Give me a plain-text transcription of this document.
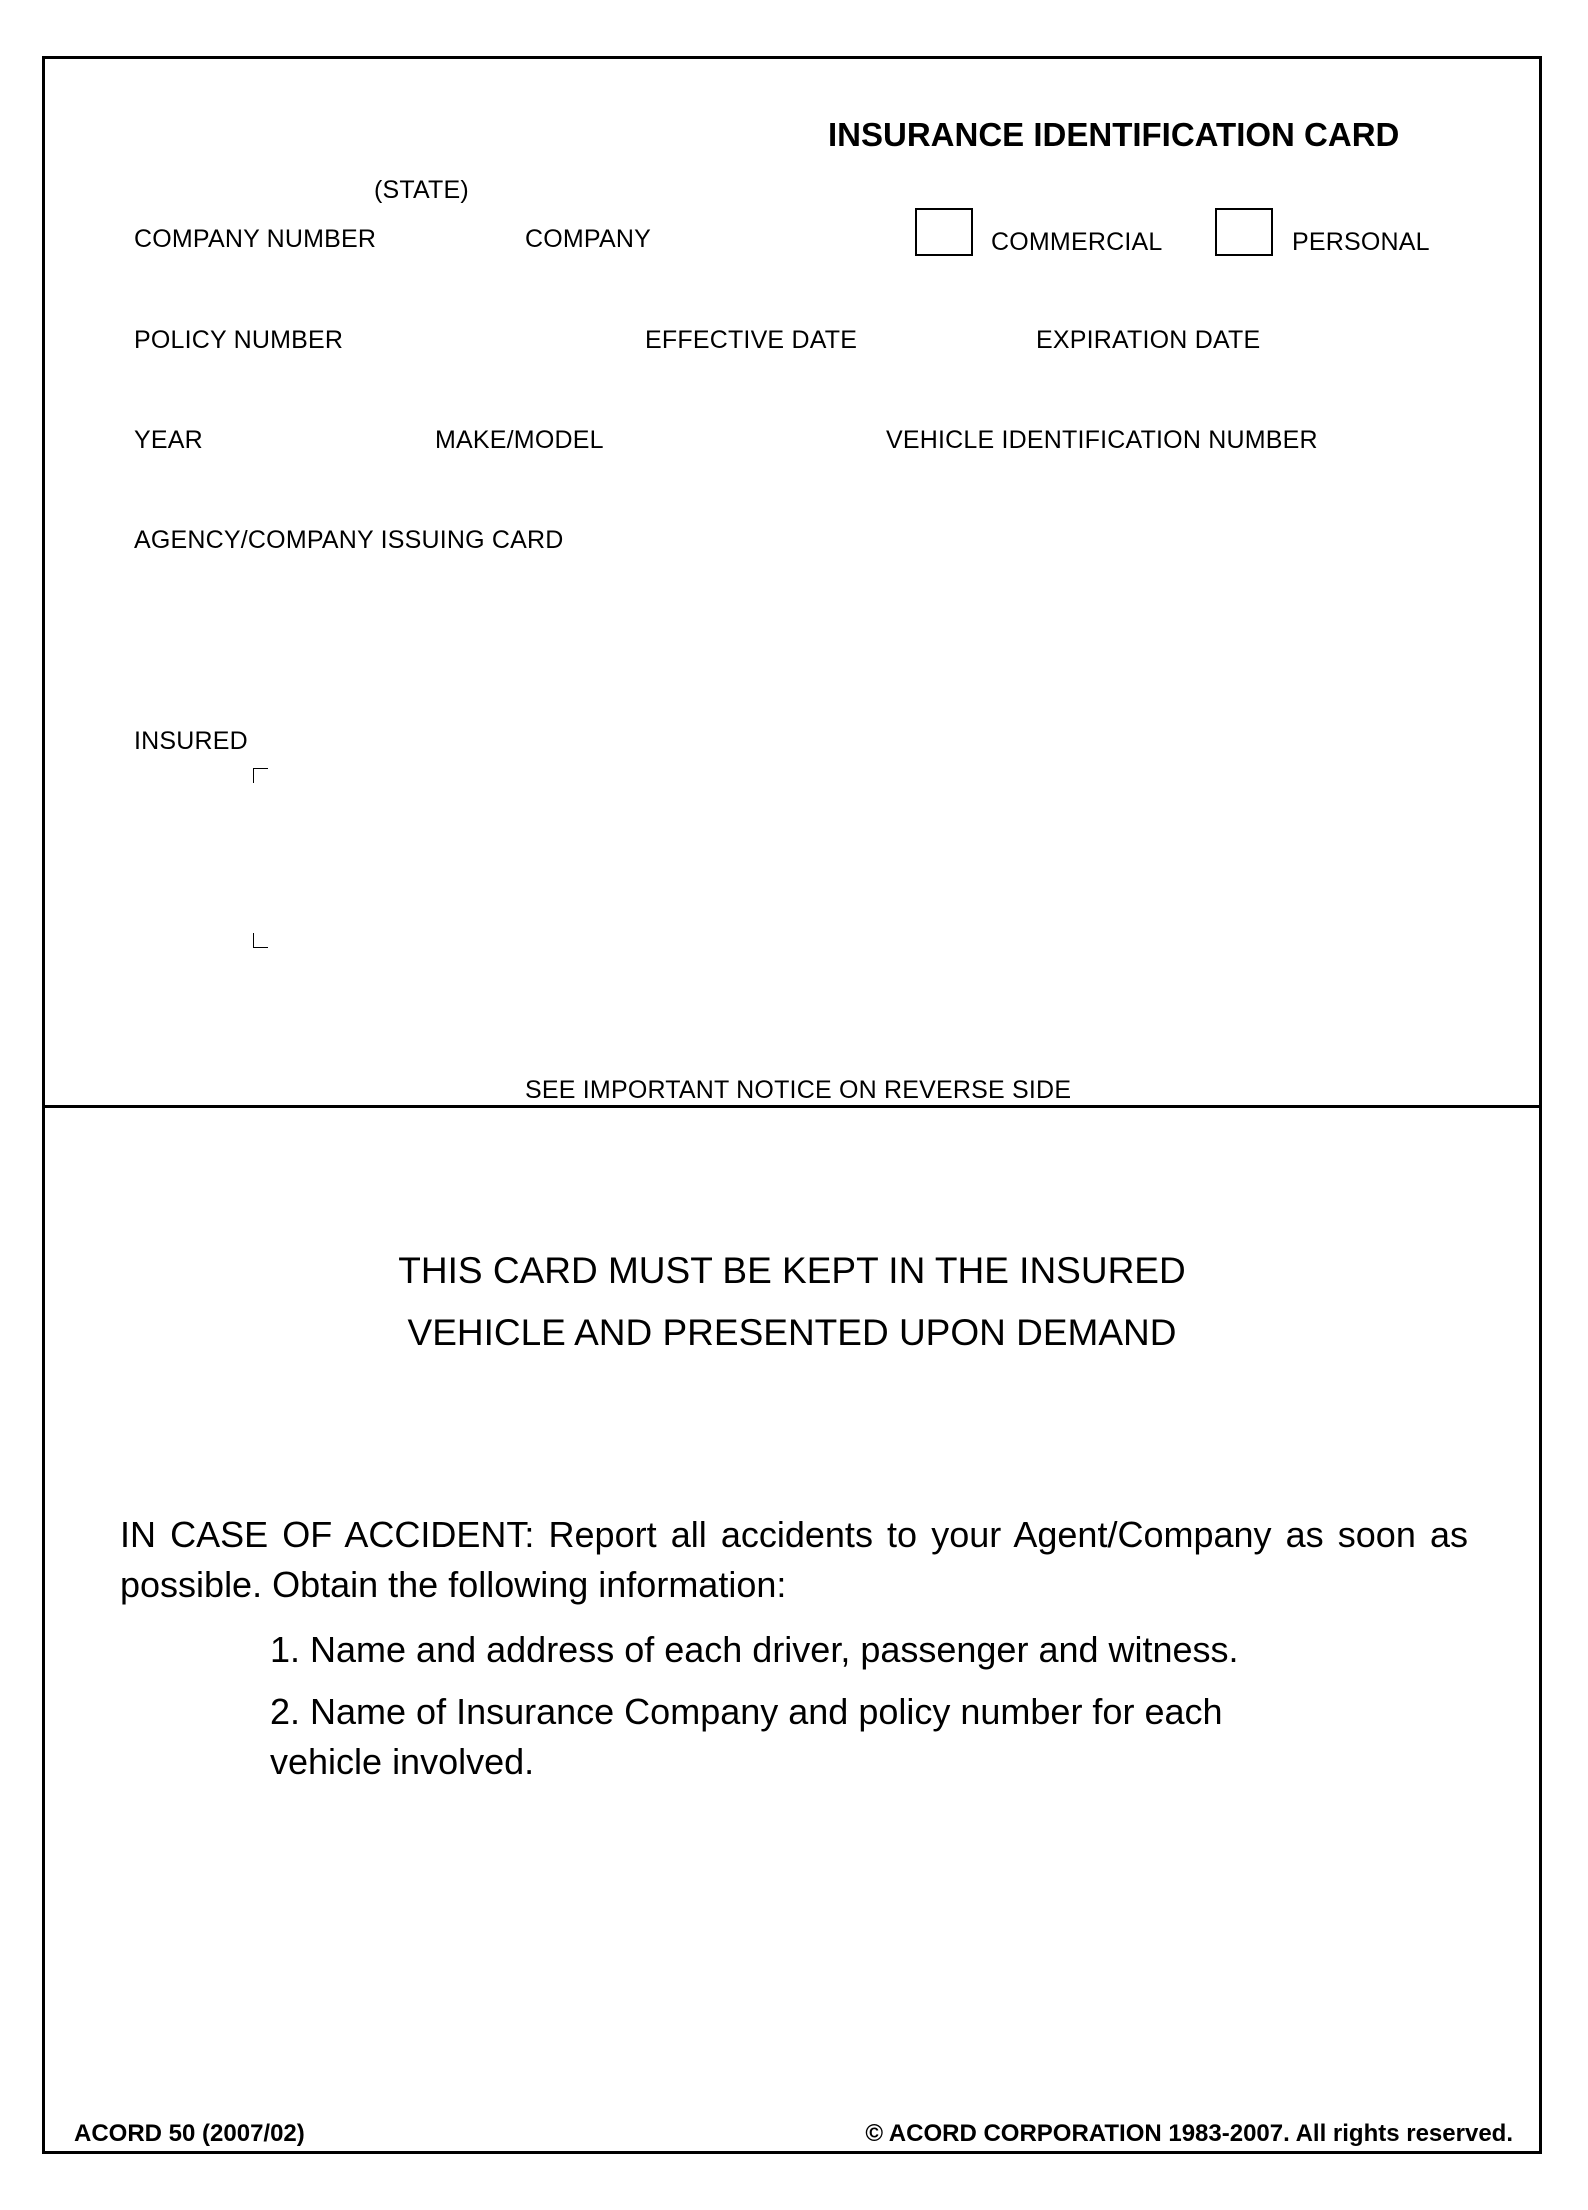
INSURANCE IDENTIFICATION CARD
(STATE)
COMPANY NUMBER	COMPANY	COMMERCIAL	PERSONAL
POLICY NUMBER	EFFECTIVE DATE	EXPIRATION DATE
YEAR	MAKE/MODEL	VEHICLE IDENTIFICATION NUMBER
AGENCY/COMPANY ISSUING CARD
INSURED
SEE IMPORTANT NOTICE ON REVERSE SIDE
THIS CARD MUST BE KEPT IN THE INSURED
VEHICLE AND PRESENTED UPON DEMAND
IN CASE OF ACCIDENT: Report all accidents to your Agent/Company as soon as possible. Obtain the following information:
1. Name and address of each driver, passenger and witness.
2. Name of Insurance Company and policy number for each vehicle involved.
ACORD 50 (2007/02)	© ACORD CORPORATION 1983-2007. All rights reserved.
